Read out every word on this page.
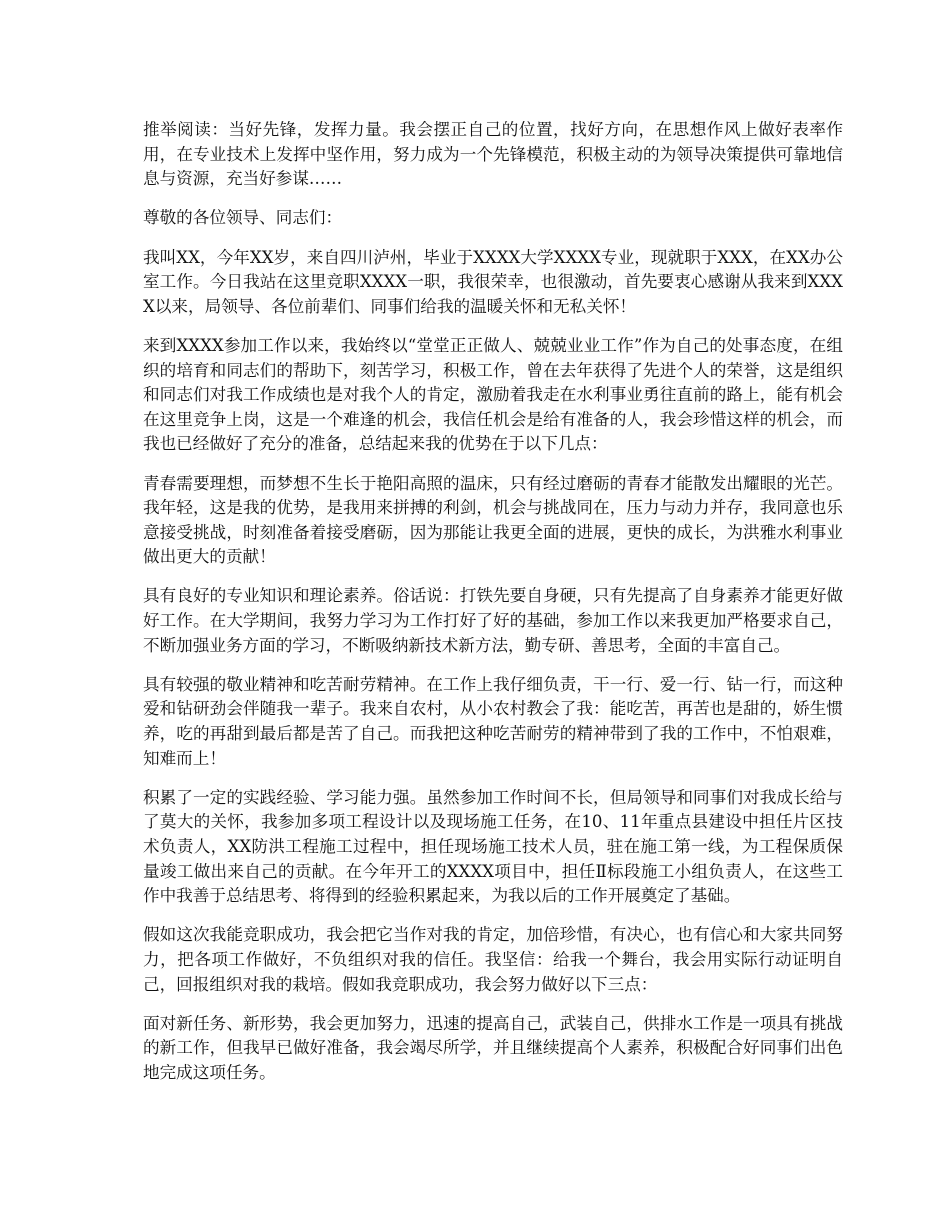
推举阅读：当好先锋，发挥力量。我会摆正自己的位置，找好方向，在思想作风上做好表率作用，在专业技术上发挥中坚作用，努力成为一个先锋模范，积极主动的为领导决策提供可靠地信息与资源，充当好参谋……

尊敬的各位领导、同志们：

我叫XX，今年XX岁，来自四川泸州，毕业于XXXX大学XXXX专业，现就职于XXX，在XX办公室工作。今日我站在这里竞职XXXX一职，我很荣幸，也很激动，首先要衷心感谢从我来到XXXX以来，局领导、各位前辈们、同事们给我的温暖关怀和无私关怀！

来到XXXX参加工作以来，我始终以“堂堂正正做人、兢兢业业工作”作为自己的处事态度，在组织的培育和同志们的帮助下，刻苦学习，积极工作，曾在去年获得了先进个人的荣誉，这是组织和同志们对我工作成绩也是对我个人的肯定，激励着我走在水利事业勇往直前的路上，能有机会在这里竞争上岗，这是一个难逢的机会，我信任机会是给有准备的人，我会珍惜这样的机会，而我也已经做好了充分的准备，总结起来我的优势在于以下几点：

青春需要理想，而梦想不生长于艳阳高照的温床，只有经过磨砺的青春才能散发出耀眼的光芒。我年轻，这是我的优势，是我用来拼搏的利剑，机会与挑战同在，压力与动力并存，我同意也乐意接受挑战，时刻准备着接受磨砺，因为那能让我更全面的进展，更快的成长，为洪雅水利事业做出更大的贡献！

具有良好的专业知识和理论素养。俗话说：打铁先要自身硬，只有先提高了自身素养才能更好做好工作。在大学期间，我努力学习为工作打好了好的基础，参加工作以来我更加严格要求自己，不断加强业务方面的学习，不断吸纳新技术新方法，勤专研、善思考，全面的丰富自己。

具有较强的敬业精神和吃苦耐劳精神。在工作上我仔细负责，干一行、爱一行、钻一行，而这种爱和钻研劲会伴随我一辈子。我来自农村，从小农村教会了我：能吃苦，再苦也是甜的，娇生惯养，吃的再甜到最后都是苦了自己。而我把这种吃苦耐劳的精神带到了我的工作中，不怕艰难，知难而上！

积累了一定的实践经验、学习能力强。虽然参加工作时间不长，但局领导和同事们对我成长给与了莫大的关怀，我参加多项工程设计以及现场施工任务，在10、11年重点县建设中担任片区技术负责人，XX防洪工程施工过程中，担任现场施工技术人员，驻在施工第一线，为工程保质保量竣工做出来自己的贡献。在今年开工的XXXX项目中，担任Ⅱ标段施工小组负责人，在这些工作中我善于总结思考、将得到的经验积累起来，为我以后的工作开展奠定了基础。

假如这次我能竞职成功，我会把它当作对我的肯定，加倍珍惜，有决心，也有信心和大家共同努力，把各项工作做好，不负组织对我的信任。我坚信：给我一个舞台，我会用实际行动证明自己，回报组织对我的栽培。假如我竞职成功，我会努力做好以下三点：

面对新任务、新形势，我会更加努力，迅速的提高自己，武装自己，供排水工作是一项具有挑战的新工作，但我早已做好准备，我会竭尽所学，并且继续提高个人素养，积极配合好同事们出色地完成这项任务。
